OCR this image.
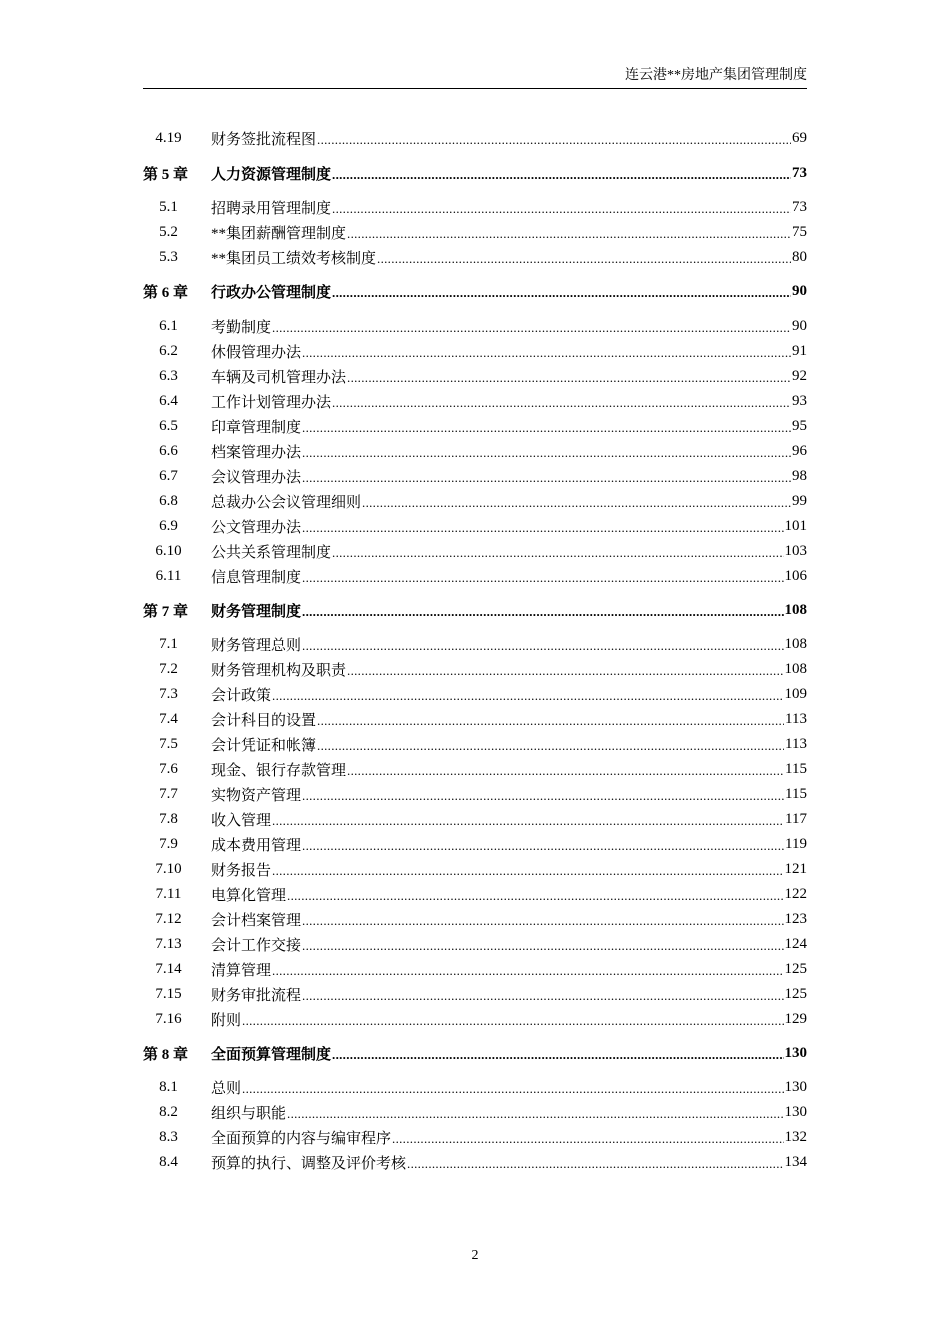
连云港**房地产集团管理制度
4.19	财务签批流程图 .....	69
第 5 章	人力资源管理制度 .....	73
5.1	招聘录用管理制度 .....	73
5.2	**集团薪酬管理制度 .....	75
5.3	**集团员工绩效考核制度 .....	80
第 6 章	行政办公管理制度 .....	90
6.1	考勤制度 .....	90
6.2	休假管理办法 .....	91
6.3	车辆及司机管理办法 .....	92
6.4	工作计划管理办法 .....	93
6.5	印章管理制度 .....	95
6.6	档案管理办法 .....	96
6.7	会议管理办法 .....	98
6.8	总裁办公会议管理细则 .....	99
6.9	公文管理办法 .....	101
6.10	公共关系管理制度 .....	103
6.11	信息管理制度 .....	106
第 7 章	财务管理制度 .....	108
7.1	财务管理总则 .....	108
7.2	财务管理机构及职责 .....	108
7.3	会计政策 .....	109
7.4	会计科目的设置 .....	113
7.5	会计凭证和帐簿 .....	113
7.6	现金、银行存款管理 .....	115
7.7	实物资产管理 .....	115
7.8	收入管理 .....	117
7.9	成本费用管理 .....	119
7.10	财务报告 .....	121
7.11	电算化管理 .....	122
7.12	会计档案管理 .....	123
7.13	会计工作交接 .....	124
7.14	清算管理 .....	125
7.15	财务审批流程 .....	125
7.16	附则 .....	129
第 8 章	全面预算管理制度 .....	130
8.1	总则 .....	130
8.2	组织与职能 .....	130
8.3	全面预算的内容与编审程序 .....	132
8.4	预算的执行、调整及评价考核 .....	134
2
